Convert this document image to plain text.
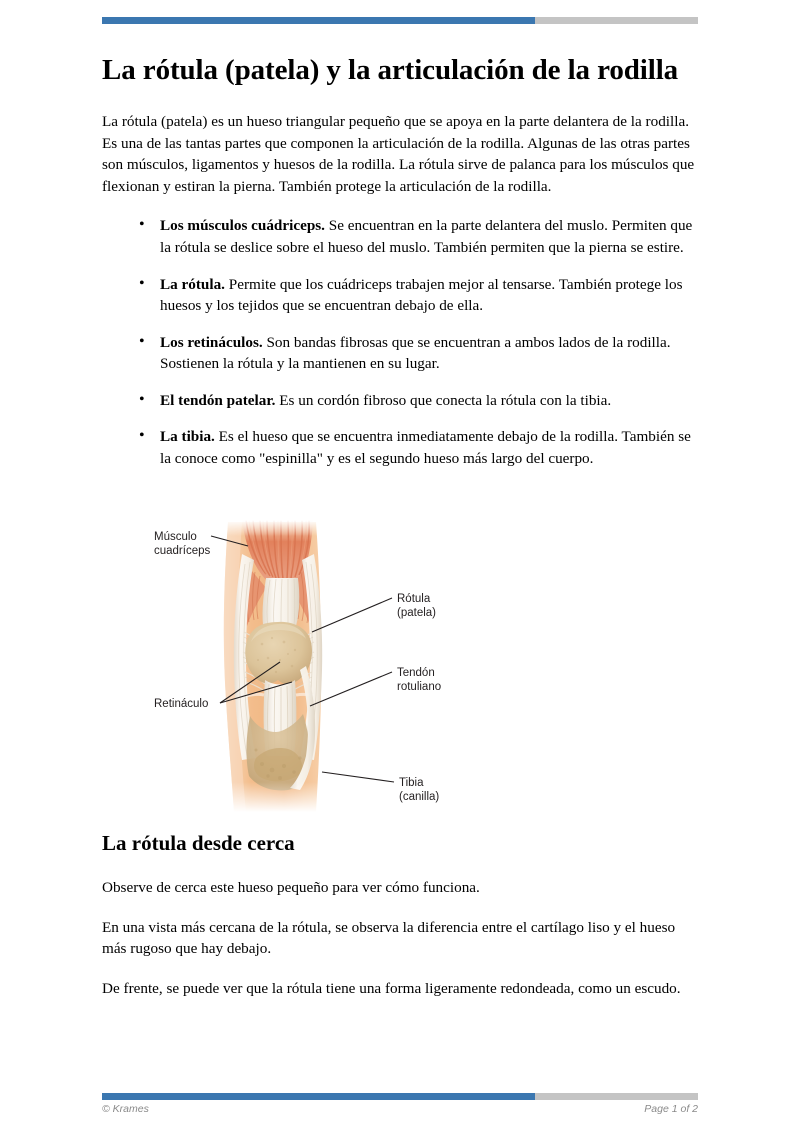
La rótula (patela) y la articulación de la rodilla

La rótula (patela) es un hueso triangular pequeño que se apoya en la parte delantera de la rodilla. Es una de las tantas partes que componen la articulación de la rodilla. Algunas de las otras partes son músculos, ligamentos y huesos de la rodilla. La rótula sirve de palanca para los músculos que flexionan y estiran la pierna. También protege la articulación de la rodilla.

• Los músculos cuádriceps. Se encuentran en la parte delantera del muslo. Permiten que la rótula se deslice sobre el hueso del muslo. También permiten que la pierna se estire.
• La rótula. Permite que los cuádriceps trabajen mejor al tensarse. También protege los huesos y los tejidos que se encuentran debajo de ella.
• Los retináculos. Son bandas fibrosas que se encuentran a ambos lados de la rodilla. Sostienen la rótula y la mantienen en su lugar.
• El tendón patelar. Es un cordón fibroso que conecta la rótula con la tibia.
• La tibia. Es el hueso que se encuentra inmediatamente debajo de la rodilla. También se la conoce como "espinilla" y es el segundo hueso más largo del cuerpo.
Músculo
cuadríceps
Rótula
(patela)
Tendón
rotuliano
Retináculo
Tibia
(canilla)
La rótula desde cerca

Observe de cerca este hueso pequeño para ver cómo funciona.

En una vista más cercana de la rótula, se observa la diferencia entre el cartílago liso y el hueso más rugoso que hay debajo.

De frente, se puede ver que la rótula tiene una forma ligeramente redondeada, como un escudo.

© Krames	Page 1 of 2
